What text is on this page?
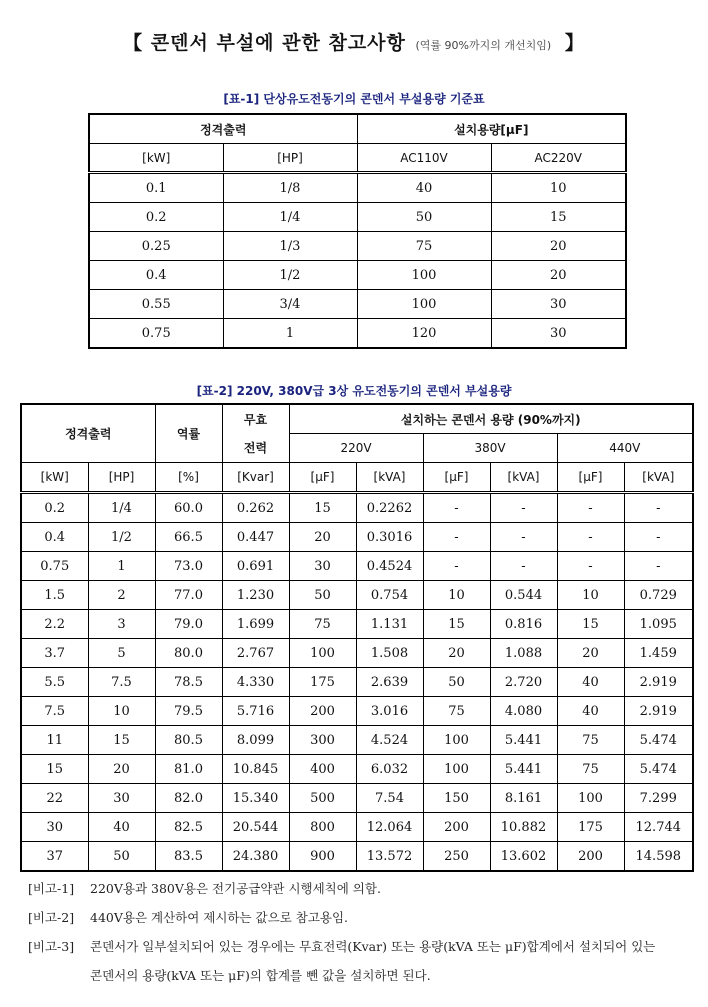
【 콘덴서 부설에 관한 참고사항 (역률 90%까지의 개선치임) 】
[표-1] 단상유도전동기의 콘덴서 부설용량 기준표
정격출력		설치용량[μF]	
[kW]	[HP]	AC110V	AC220V
0.1	1/8	40	10
0.2	1/4	50	15
0.25	1/3	75	20
0.4	1/2	100	20
0.55	3/4	100	30
0.75	1	120	30
[표-2] 220V, 380V급 3상 유도전동기의 콘덴서 부설용량
정격출력		역률	무효	설치하는 콘덴서 용량 (90%까지)					
			전력	220V		380V		440V	
[kW]	[HP]	[%]	[Kvar]	[μF]	[kVA]	[μF]	[kVA]	[μF]	[kVA]
0.2	1/4	60.0	0.262	15	0.2262	-	-	-	-
0.4	1/2	66.5	0.447	20	0.3016	-	-	-	-
0.75	1	73.0	0.691	30	0.4524	-	-	-	-
1.5	2	77.0	1.230	50	0.754	10	0.544	10	0.729
2.2	3	79.0	1.699	75	1.131	15	0.816	15	1.095
3.7	5	80.0	2.767	100	1.508	20	1.088	20	1.459
5.5	7.5	78.5	4.330	175	2.639	50	2.720	40	2.919
7.5	10	79.5	5.716	200	3.016	75	4.080	40	2.919
11	15	80.5	8.099	300	4.524	100	5.441	75	5.474
15	20	81.0	10.845	400	6.032	100	5.441	75	5.474
22	30	82.0	15.340	500	7.54	150	8.161	100	7.299
30	40	82.5	20.544	800	12.064	200	10.882	175	12.744
37	50	83.5	24.380	900	13.572	250	13.602	200	14.598
[비고-1] 220V용과 380V용은 전기공급약관 시행세칙에 의함.
[비고-2] 440V용은 계산하여 제시하는 값으로 참고용임.
[비고-3] 콘덴서가 일부설치되어 있는 경우에는 무효전력(Kvar) 또는 용량(kVA 또는 μF)합계에서 설치되어 있는
콘덴서의 용량(kVA 또는 μF)의 합계를 뺀 값을 설치하면 된다.
